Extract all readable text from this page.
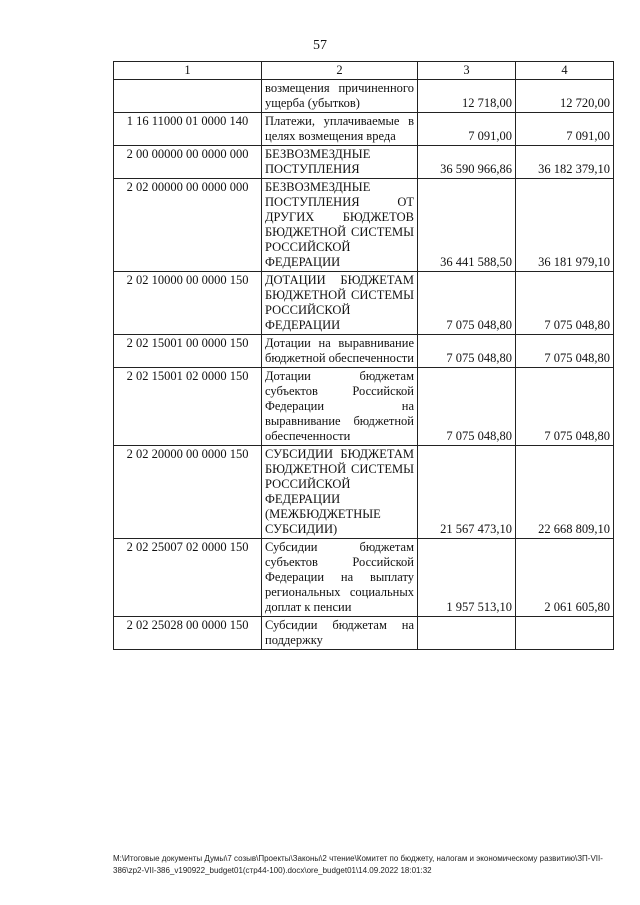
57
1	2	3	4
	возмещения причиненного ущерба (убытков)	12 718,00	12 720,00
1 16 11000 01 0000 140	Платежи, уплачиваемые в целях возмещения вреда	7 091,00	7 091,00
2 00 00000 00 0000 000	БЕЗВОЗМЕЗДНЫЕ ПОСТУПЛЕНИЯ	36 590 966,86	36 182 379,10
2 02 00000 00 0000 000	БЕЗВОЗМЕЗДНЫЕ ПОСТУПЛЕНИЯ ОТ ДРУГИХ БЮДЖЕТОВ БЮДЖЕТНОЙ СИСТЕМЫ РОССИЙСКОЙ ФЕДЕРАЦИИ	36 441 588,50	36 181 979,10
2 02 10000 00 0000 150	ДОТАЦИИ БЮДЖЕТАМ БЮДЖЕТНОЙ СИСТЕМЫ РОССИЙСКОЙ ФЕДЕРАЦИИ	7 075 048,80	7 075 048,80
2 02 15001 00 0000 150	Дотации на выравнивание бюджетной обеспеченности	7 075 048,80	7 075 048,80
2 02 15001 02 0000 150	Дотации бюджетам субъектов Российской Федерации на выравнивание бюджетной обеспеченности	7 075 048,80	7 075 048,80
2 02 20000 00 0000 150	СУБСИДИИ БЮДЖЕТАМ БЮДЖЕТНОЙ СИСТЕМЫ РОССИЙСКОЙ ФЕДЕРАЦИИ (МЕЖБЮДЖЕТНЫЕ СУБСИДИИ)	21 567 473,10	22 668 809,10
2 02 25007 02 0000 150	Субсидии бюджетам субъектов Российской Федерации на выплату региональных социальных доплат к пенсии	1 957 513,10	2 061 605,80
2 02 25028 00 0000 150	Субсидии бюджетам на поддержку		
M:\Итоговые документы Думы\7 созыв\Проекты\Законы\2 чтение\Комитет по бюджету, налогам и экономическому развитию\ЗП-VII-386\zp2-VII-386_v190922_budget01(стр44-100).docx\ore_budget01\14.09.2022 18:01:32
